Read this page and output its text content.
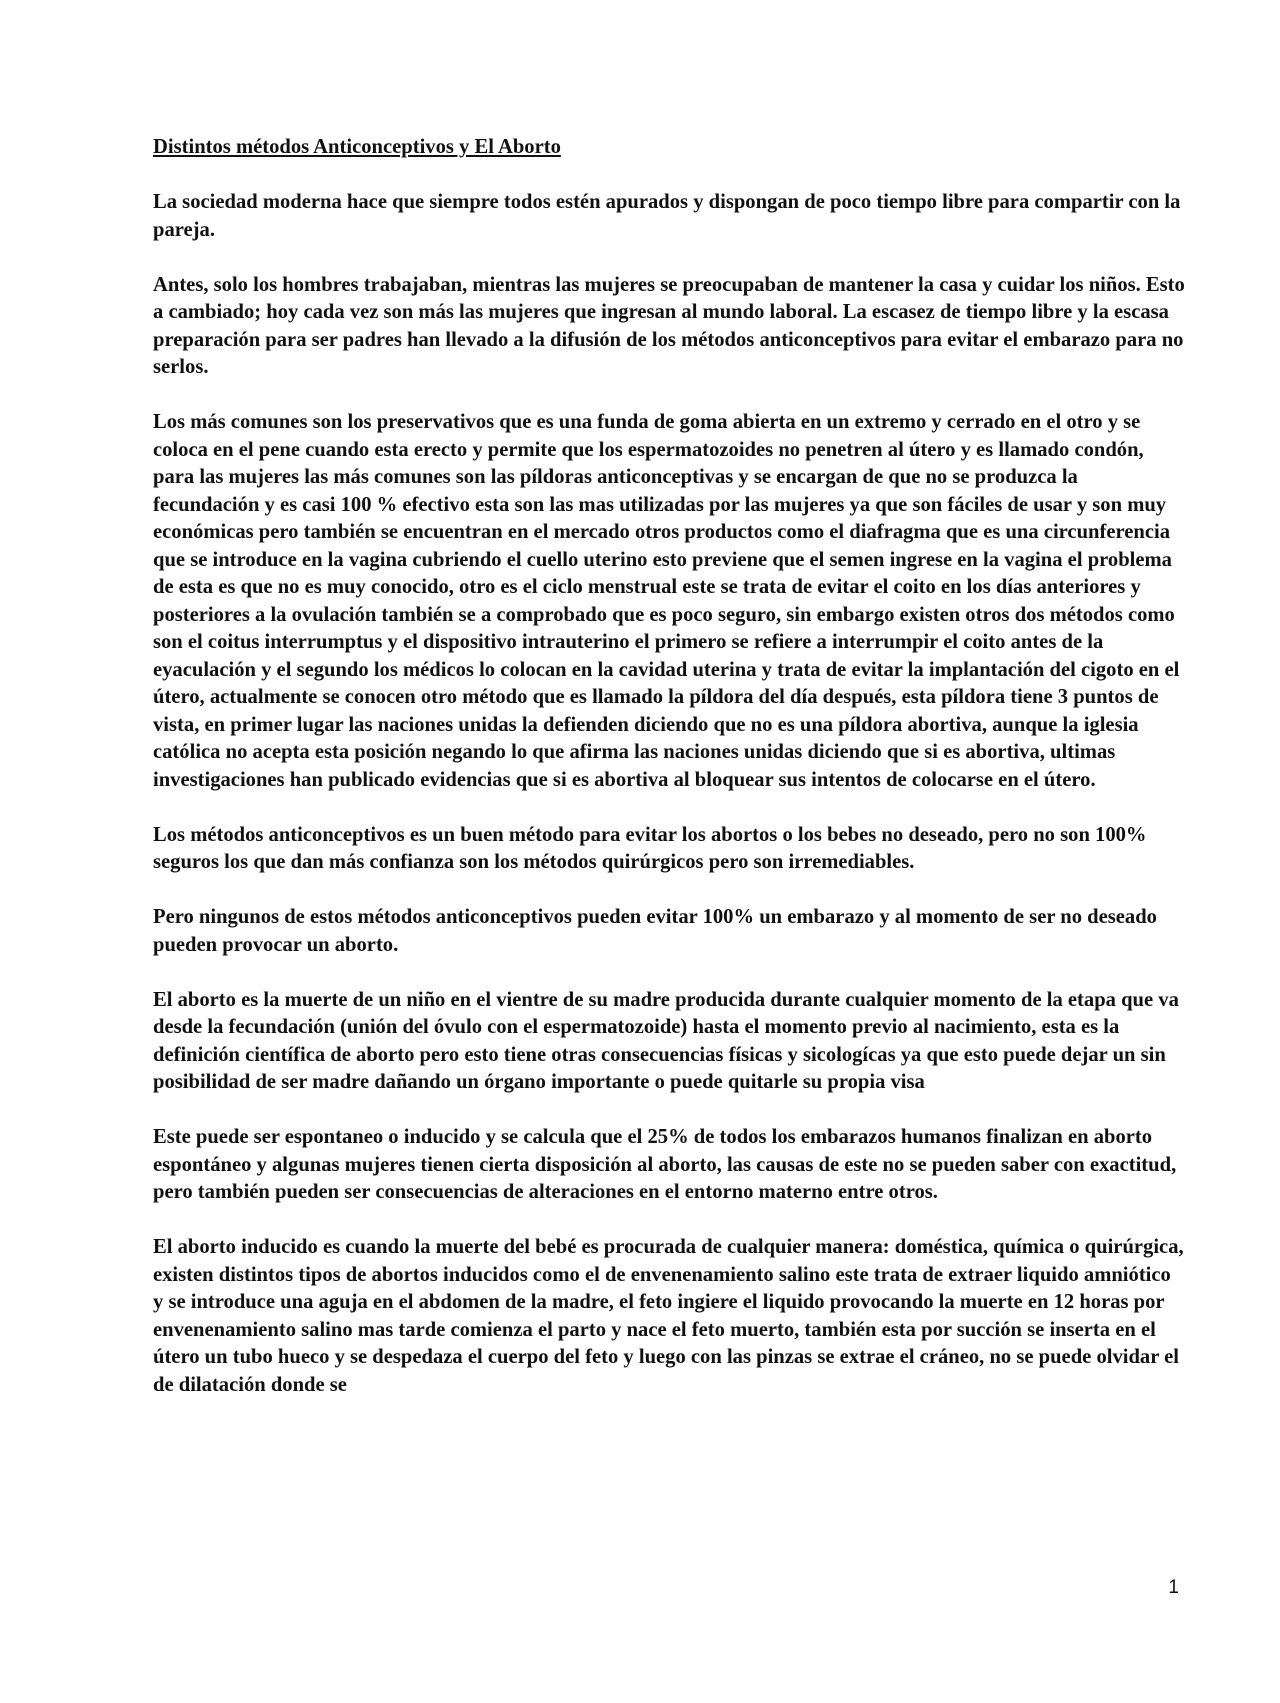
Distintos métodos Anticonceptivos y El Aborto

La sociedad moderna hace que siempre todos estén apurados y dispongan de poco tiempo libre para compartir con la pareja.

Antes, solo los hombres trabajaban, mientras las mujeres se preocupaban de mantener la casa y cuidar los niños. Esto a cambiado; hoy cada vez son más las mujeres que ingresan al mundo laboral. La escasez de tiempo libre y la escasa preparación para ser padres han llevado a la difusión de los métodos anticonceptivos para evitar el embarazo para no serlos.

Los más comunes son los preservativos que es una funda de goma abierta en un extremo y cerrado en el otro y se coloca en el pene cuando esta erecto y permite que los espermatozoides no penetren al útero y es llamado condón, para las mujeres las más comunes son las píldoras anticonceptivas y se encargan de que no se produzca la fecundación y es casi 100 % efectivo esta son las mas utilizadas por las mujeres ya que son fáciles de usar y son muy económicas pero también se encuentran en el mercado otros productos como el diafragma que es una circunferencia que se introduce en la vagina cubriendo el cuello uterino esto previene que el semen ingrese en la vagina el problema de esta es que no es muy conocido, otro es el ciclo menstrual este se trata de evitar el coito en los días anteriores y posteriores a la ovulación también se a comprobado que es poco seguro, sin embargo existen otros dos métodos como son el coitus interrumptus y el dispositivo intrauterino el primero se refiere a interrumpir el coito antes de la eyaculación y el segundo los médicos lo colocan en la cavidad uterina y trata de evitar la implantación del cigoto en el útero, actualmente se conocen otro método que es llamado la píldora del día después, esta píldora tiene 3 puntos de vista, en primer lugar las naciones unidas la defienden diciendo que no es una píldora abortiva, aunque la iglesia católica no acepta esta posición negando lo que afirma las naciones unidas diciendo que si es abortiva, ultimas investigaciones han publicado evidencias que si es abortiva al bloquear sus intentos de colocarse en el útero.

Los métodos anticonceptivos es un buen método para evitar los abortos o los bebes no deseado, pero no son 100% seguros los que dan más confianza son los métodos quirúrgicos pero son irremediables.

Pero ningunos de estos métodos anticonceptivos pueden evitar 100% un embarazo y al momento de ser no deseado pueden provocar un aborto.

El aborto es la muerte de un niño en el vientre de su madre producida durante cualquier momento de la etapa que va desde la fecundación (unión del óvulo con el espermatozoide) hasta el momento previo al nacimiento, esta es la definición científica de aborto pero esto tiene otras consecuencias físicas y sicologícas ya que esto puede dejar un sin posibilidad de ser madre dañando un órgano importante o puede quitarle su propia visa

Este puede ser espontaneo o inducido y se calcula que el 25% de todos los embarazos humanos finalizan en aborto espontáneo y algunas mujeres tienen cierta disposición al aborto, las causas de este no se pueden saber con exactitud, pero también pueden ser consecuencias de alteraciones en el entorno materno entre otros.

El aborto inducido es cuando la muerte del bebé es procurada de cualquier manera: doméstica, química o quirúrgica, existen distintos tipos de abortos inducidos como el de envenenamiento salino este trata de extraer liquido amniótico y se introduce una aguja en el abdomen de la madre, el feto ingiere el liquido provocando la muerte en 12 horas por envenenamiento salino mas tarde comienza el parto y nace el feto muerto, también esta por succión se inserta en el útero un tubo hueco y se despedaza el cuerpo del feto y luego con las pinzas se extrae el cráneo, no se puede olvidar el de dilatación donde se

1
